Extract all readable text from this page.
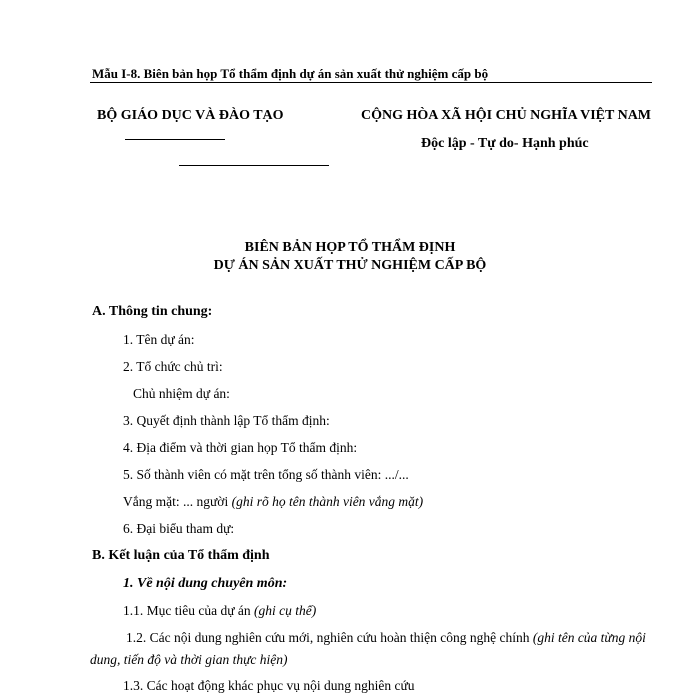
Mẫu I-8. Biên bản họp Tổ thẩm định dự án sản xuất thử nghiệm cấp bộ
BỘ GIÁO DỤC VÀ ĐÀO TẠO	CỘNG HÒA XÃ HỘI CHỦ NGHĨA VIỆT NAM
Độc lập - Tự do- Hạnh phúc
BIÊN BẢN HỌP TỔ THẨM ĐỊNH
DỰ ÁN SẢN XUẤT THỬ NGHIỆM CẤP BỘ
A. Thông tin chung:
1. Tên dự án:
2. Tổ chức chủ trì:
Chủ nhiệm dự án:
3. Quyết định thành lập Tổ thẩm định:
4. Địa điểm và thời gian họp Tổ thẩm định:
5. Số thành viên có mặt trên tổng số thành viên: .../...
Vắng mặt: ... người (ghi rõ họ tên thành viên vắng mặt)
6. Đại biểu tham dự:
B. Kết luận của Tổ thẩm định
1. Về nội dung chuyên môn:
1.1. Mục tiêu của dự án (ghi cụ thể)
1.2. Các nội dung nghiên cứu mới, nghiên cứu hoàn thiện công nghệ chính (ghi tên của từng nội dung, tiến độ và thời gian thực hiện)
1.3. Các hoạt động khác phục vụ nội dung nghiên cứu
